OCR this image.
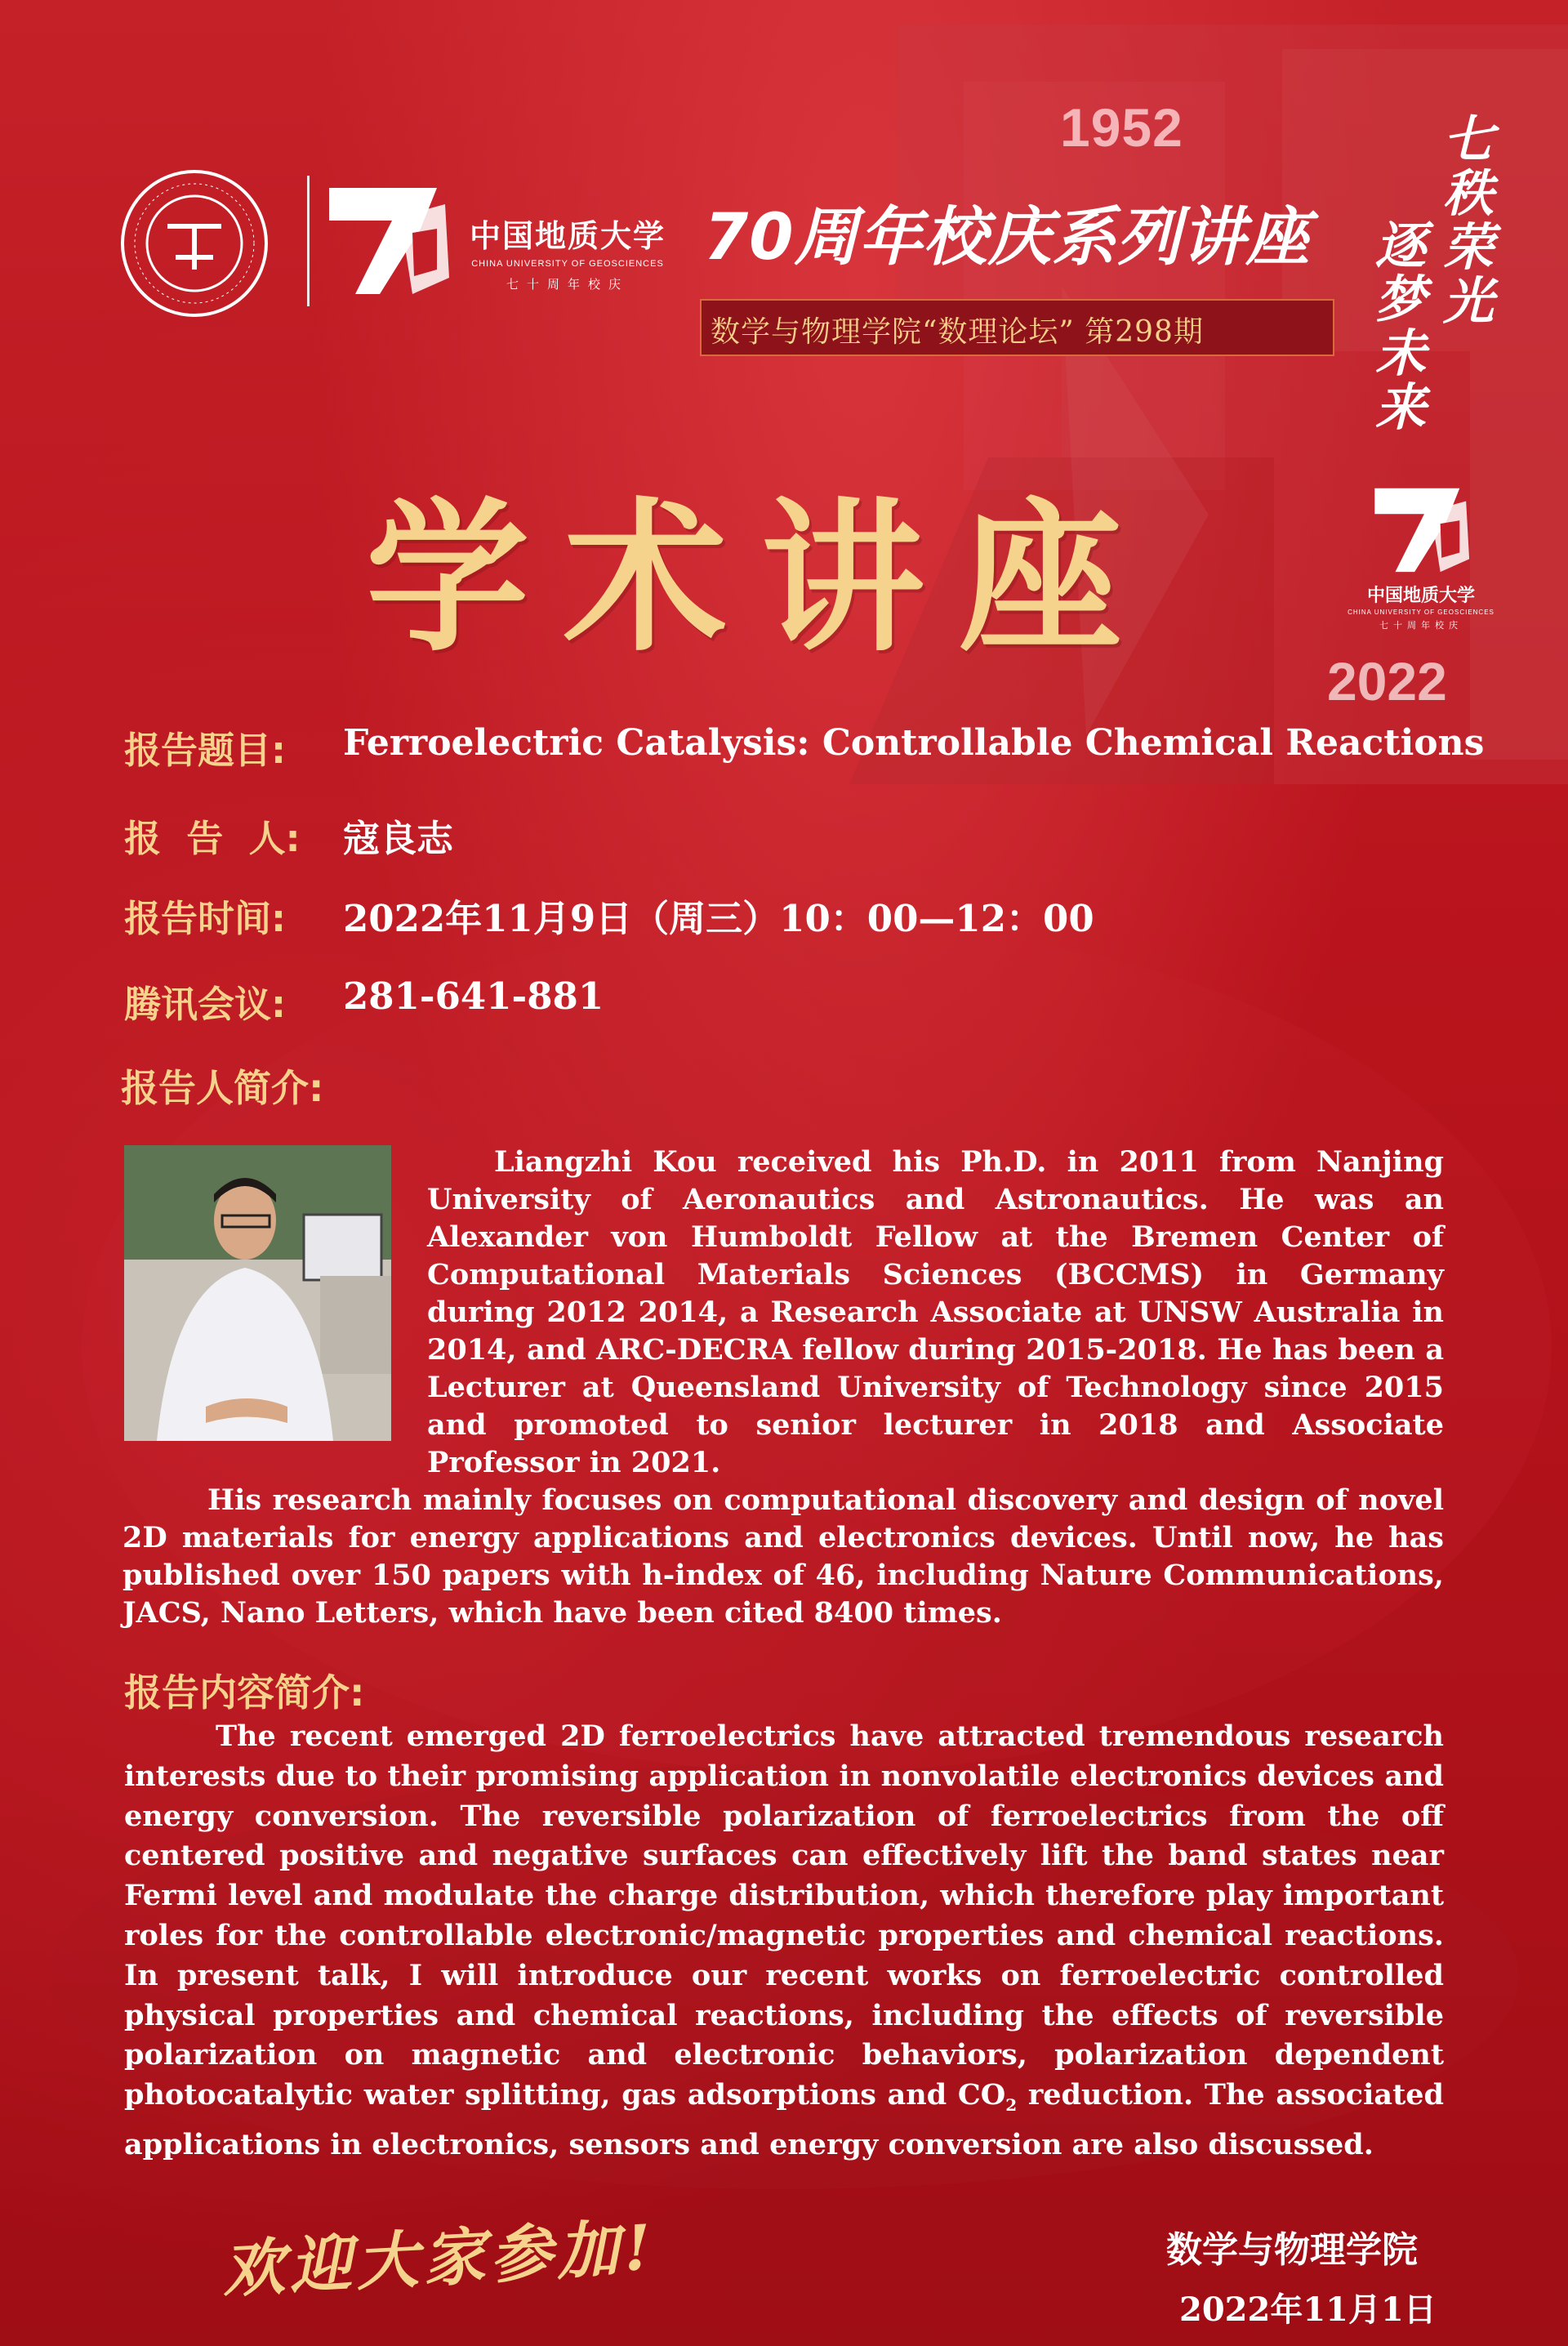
中国地质大学
CHINA UNIVERSITY OF GEOSCIENCES
七十周年校庆
1952
70周年校庆系列讲座
数学与物理学院“数理论坛” 第298期
七秩荣光
逐梦未来
中国地质大学
CHINA UNIVERSITY OF GEOSCIENCES
七十周年校庆
2022
学术讲座
报告题目: Ferroelectric Catalysis: Controllable Chemical Reactions
报  告  人: 寇良志
报告时间: 2022年11月9日（周三）10：00—12：00
腾讯会议: 281-641-881
报告人简介:
Liangzhi Kou received his Ph.D. in 2011 from Nanjing University of Aeronautics and Astronautics. He was an Alexander von Humboldt Fellow at the Bremen Center of Computational Materials Sciences (BCCMS) in Germany during 2012 2014, a Research Associate at UNSW Australia in 2014, and ARC-DECRA fellow during 2015-2018. He has been a Lecturer at Queensland University of Technology since 2015 and promoted to senior lecturer in 2018 and Associate Professor in 2021.
His research mainly focuses on computational discovery and design of novel 2D materials for energy applications and electronics devices. Until now, he has published over 150 papers with h-index of 46, including Nature Communications, JACS, Nano Letters, which have been cited 8400 times.
报告内容简介:
The recent emerged 2D ferroelectrics have attracted tremendous research interests due to their promising application in nonvolatile electronics devices and energy conversion. The reversible polarization of ferroelectrics from the off centered positive and negative surfaces can effectively lift the band states near Fermi level and modulate the charge distribution, which therefore play important roles for the controllable electronic/magnetic properties and chemical reactions. In present talk, I will introduce our recent works on ferroelectric controlled physical properties and chemical reactions, including the effects of reversible polarization on magnetic and electronic behaviors, polarization dependent photocatalytic water splitting, gas adsorptions and $CO_2$ reduction. The associated applications in electronics, sensors and energy conversion are also discussed.
欢迎大家参加!	数学与物理学院
2022年11月1日
